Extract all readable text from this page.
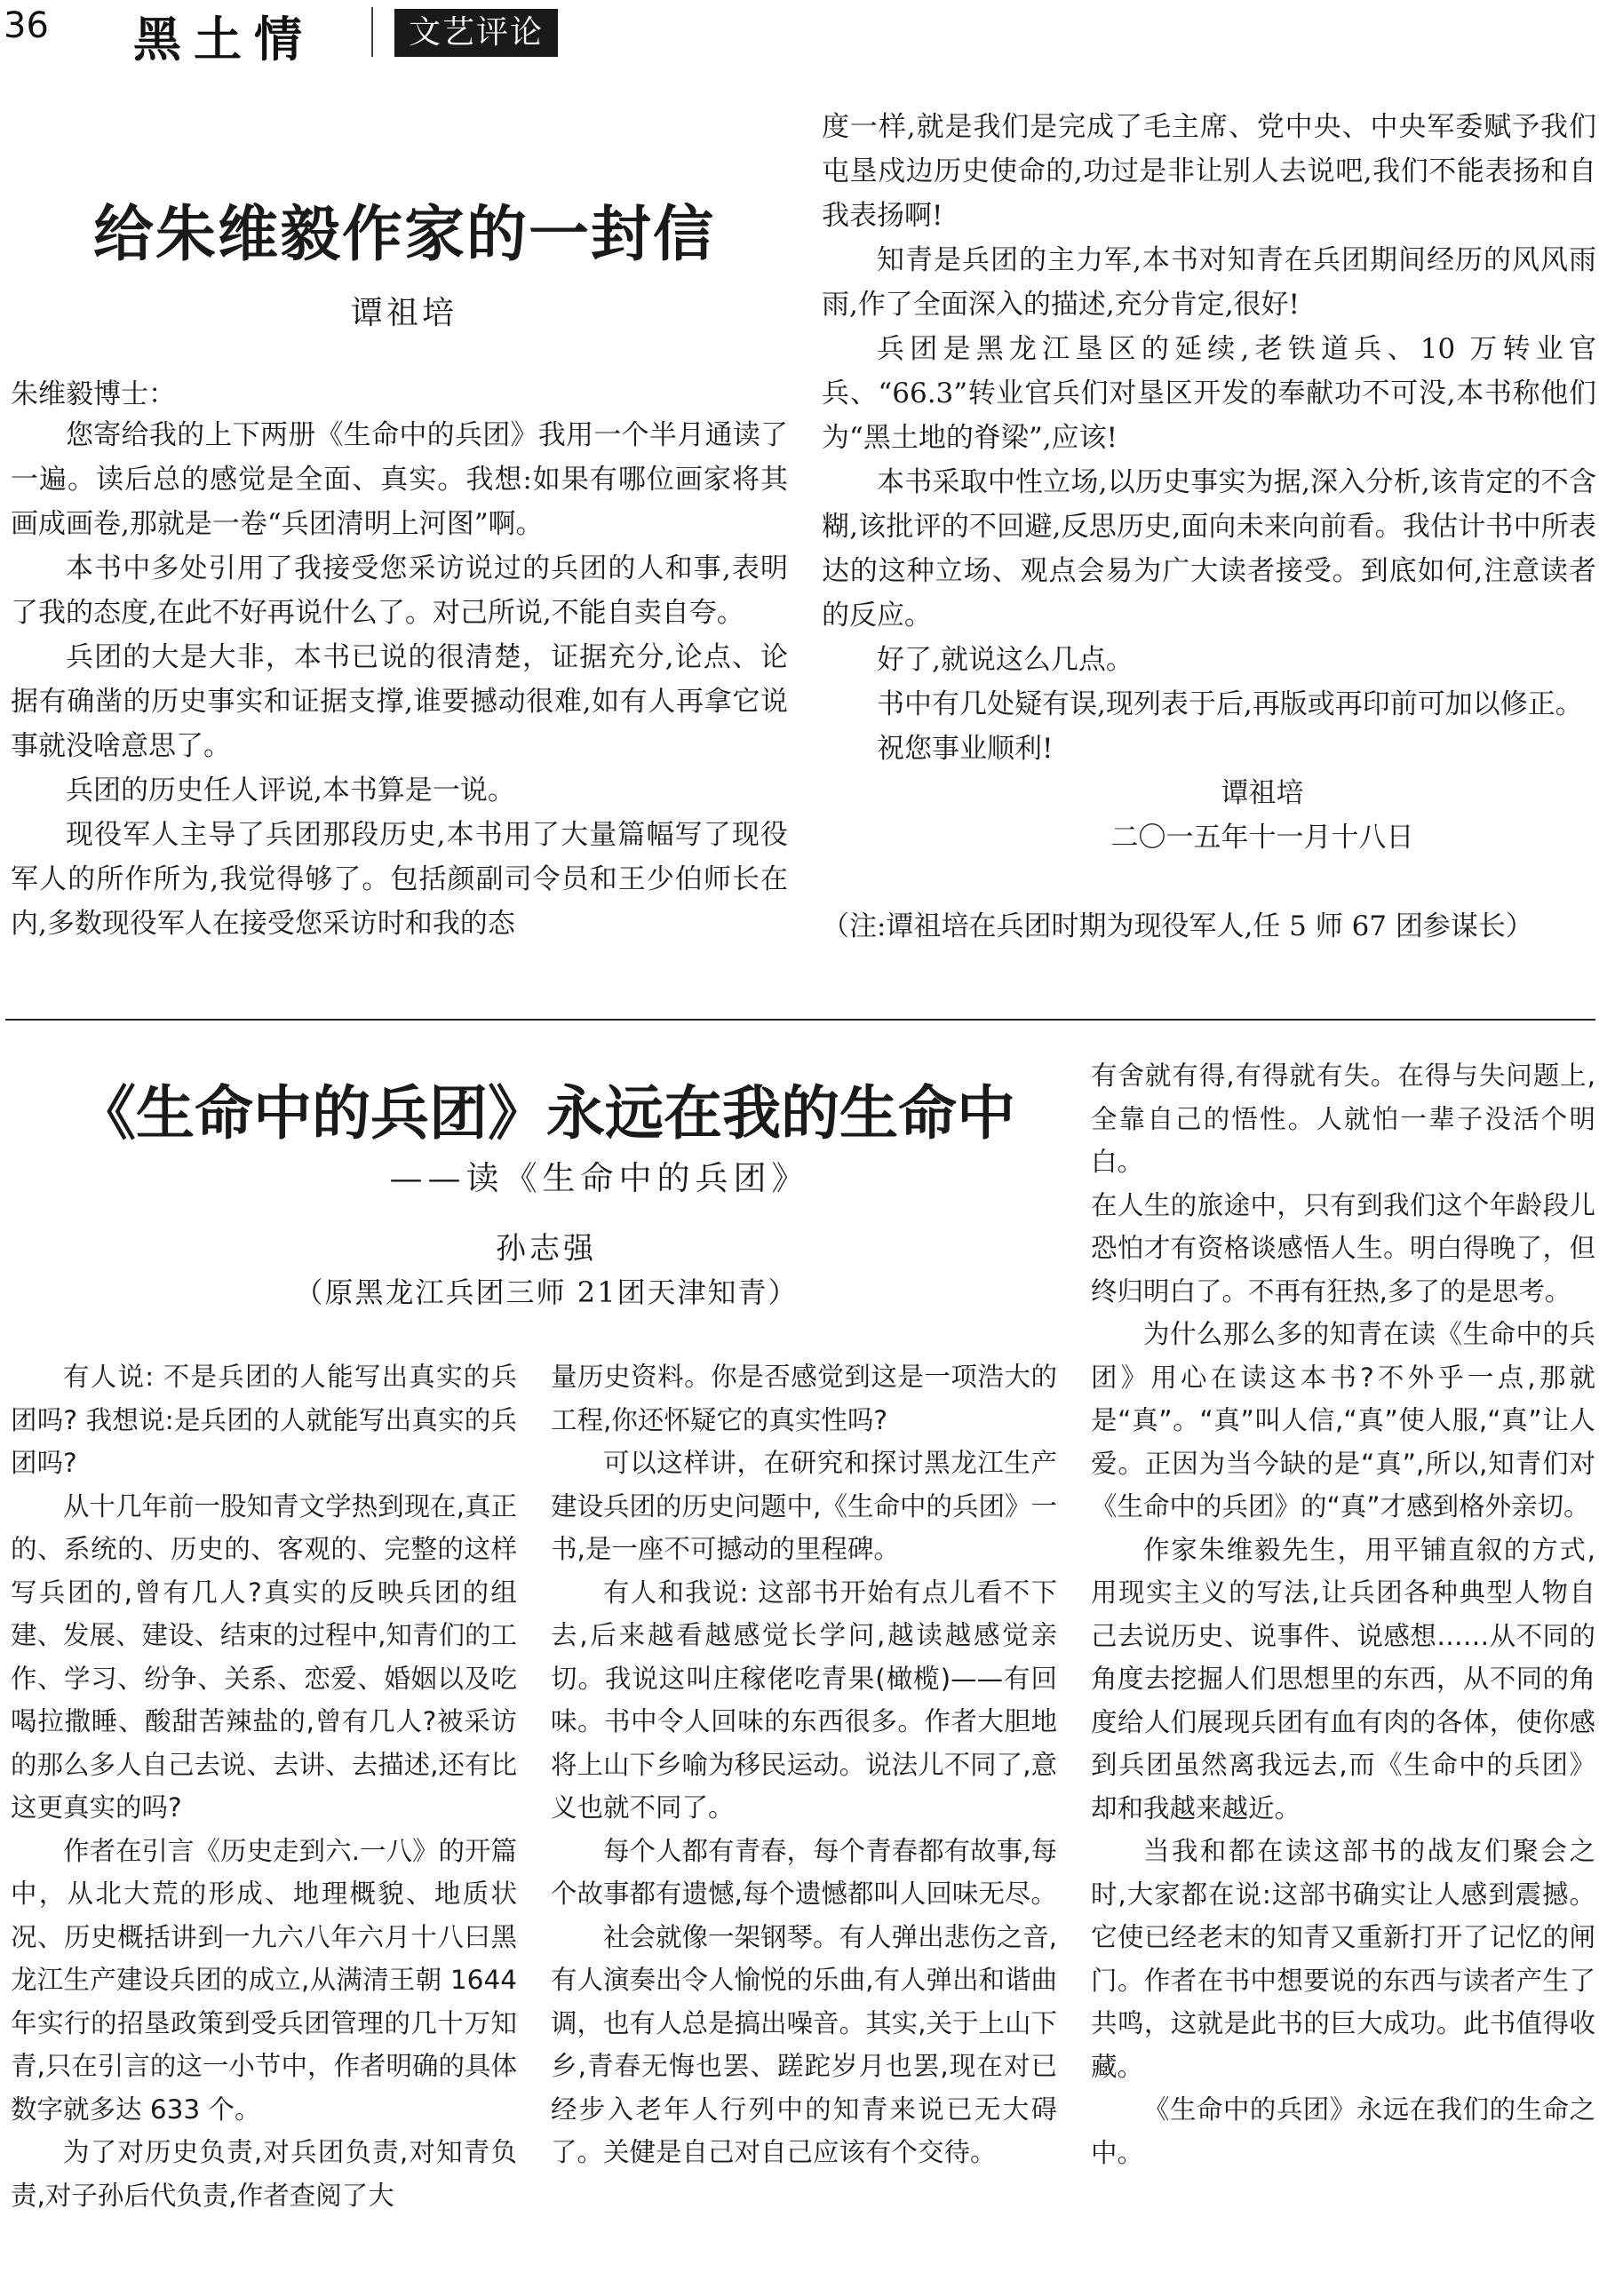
36 黑土情	文艺评论
给朱维毅作家的一封信
谭祖培
朱维毅博士：

您寄给我的上下两册《生命中的兵团》我用一个半月通读了一遍。读后总的感觉是全面、真实。我想:如果有哪位画家将其画成画卷,那就是一卷“兵团清明上河图”啊。

本书中多处引用了我接受您采访说过的兵团的人和事,表明了我的态度,在此不好再说什么了。对己所说,不能自卖自夸。

兵团的大是大非，本书已说的很清楚，证据充分,论点、论据有确凿的历史事实和证据支撑,谁要撼动很难,如有人再拿它说事就没啥意思了。

兵团的历史任人评说,本书算是一说。

现役军人主导了兵团那段历史,本书用了大量篇幅写了现役军人的所作所为,我觉得够了。包括颜副司令员和王少伯师长在内,多数现役军人在接受您采访时和我的态

度一样,就是我们是完成了毛主席、党中央、中央军委赋予我们屯垦戍边历史使命的,功过是非让别人去说吧,我们不能表扬和自我表扬啊!

知青是兵团的主力军,本书对知青在兵团期间经历的风风雨雨,作了全面深入的描述,充分肯定,很好!

兵团是黑龙江垦区的延续,老铁道兵、10 万转业官兵、“66.3”转业官兵们对垦区开发的奉献功不可没,本书称他们为“黑土地的脊梁”,应该!

本书采取中性立场,以历史事实为据,深入分析,该肯定的不含糊,该批评的不回避,反思历史,面向未来向前看。我估计书中所表达的这种立场、观点会易为广大读者接受。到底如何,注意读者的反应。

好了,就说这么几点。

书中有几处疑有误,现列表于后,再版或再印前可加以修正。

祝您事业顺利!

谭祖培

二〇一五年十一月十八日

（注:谭祖培在兵团时期为现役军人,任 5 师 67 团参谋长）

《生命中的兵团》永远在我的生命中
——读《生命中的兵团》
孙志强
（原黑龙江兵团三师 21团天津知青）

有人说: 不是兵团的人能写出真实的兵团吗? 我想说:是兵团的人就能写出真实的兵团吗?

从十几年前一股知青文学热到现在,真正的、系统的、历史的、客观的、完整的这样写兵团的,曾有几人?真实的反映兵团的组建、发展、建设、结束的过程中,知青们的工作、学习、纷争、关系、恋爱、婚姻以及吃喝拉撒睡、酸甜苦辣盐的,曾有几人?被采访的那么多人自己去说、去讲、去描述,还有比这更真实的吗?

作者在引言《历史走到六.一八》的开篇中，从北大荒的形成、地理概貌、地质状况、历史概括讲到一九六八年六月十八曰黑龙江生产建设兵团的成立,从满清王朝 1644 年实行的招垦政策到受兵团管理的几十万知青,只在引言的这一小节中，作者明确的具体数字就多达 633 个。

为了对历史负责,对兵团负责,对知青负责,对子孙后代负责,作者查阅了大

量历史资料。你是否感觉到这是一项浩大的工程,你还怀疑它的真实性吗?

可以这样讲，在研究和探讨黑龙江生产建设兵团的历史问题中,《生命中的兵团》一书,是一座不可撼动的里程碑。

有人和我说: 这部书开始有点儿看不下去,后来越看越感觉长学问,越读越感觉亲切。我说这叫庄稼佬吃青果(橄榄)——有回味。书中令人回味的东西很多。作者大胆地将上山下乡喻为移民运动。说法儿不同了,意义也就不同了。

每个人都有青春，每个青春都有故事,每个故事都有遗憾,每个遗憾都叫人回味无尽。

社会就像一架钢琴。有人弹出悲伤之音,有人演奏出令人愉悦的乐曲,有人弹出和谐曲调，也有人总是搞出噪音。其实,关于上山下乡,青春无悔也罢、蹉跎岁月也罢,现在对已经步入老年人行列中的知青来说已无大碍了。关健是自己对自己应该有个交待。

有舍就有得,有得就有失。在得与失问题上,全靠自己的悟性。人就怕一辈子没活个明白。

在人生的旅途中，只有到我们这个年龄段儿恐怕才有资格谈感悟人生。明白得晚了，但终归明白了。不再有狂热,多了的是思考。

为什么那么多的知青在读《生命中的兵团》用心在读这本书?不外乎一点,那就是“真”。“真”叫人信,“真”使人服,“真”让人爱。正因为当今缺的是“真”,所以,知青们对《生命中的兵团》的“真”才感到格外亲切。

作家朱维毅先生，用平铺直叙的方式,用现实主义的写法,让兵团各种典型人物自己去说历史、说事件、说感想……从不同的角度去挖掘人们思想里的东西，从不同的角度给人们展现兵团有血有肉的各体，使你感到兵团虽然离我远去,而《生命中的兵团》却和我越来越近。

当我和都在读这部书的战友们聚会之时,大家都在说:这部书确实让人感到震撼。它使已经老末的知青又重新打开了记忆的闸门。作者在书中想要说的东西与读者产生了共鸣，这就是此书的巨大成功。此书值得收藏。

《生命中的兵团》永远在我们的生命之中。
